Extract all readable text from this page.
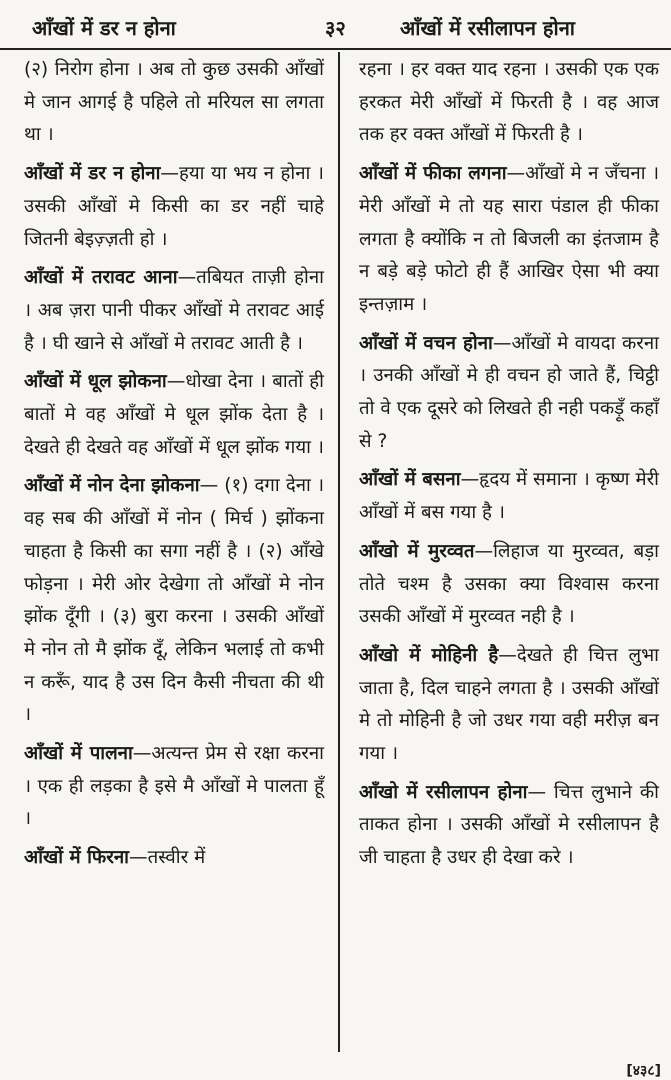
आँखों में डर न होना	३२	आँखों में रसीलापन होना

(२) निरोग होना । अब तो कुछ उसकी आँखों मे जान आगई है पहिले तो मरियल सा लगता था ।

आँखों में डर न होना—हया या भय न होना । उसकी आँखों मे किसी का डर नहीं चाहे जितनी बेइज़्ज़ती हो ।

आँखों में तरावट आना—तबियत ताज़ी होना । अब ज़रा पानी पीकर आँखों मे तरावट आई है । घी खाने से आँखों मे तरावट आती है ।

आँखों में धूल झोकना—धोखा देना । बातों ही बातों मे वह आँखों मे धूल झोंक देता है । देखते ही देखते वह आँखों में धूल झोंक गया ।

आँखों में नोन देना झोकना— (१) दगा देना । वह सब की आँखों में नोन ( मिर्च ) झोंकना चाहता है किसी का सगा नहीं है । (२) आँखे फोड़ना । मेरी ओर देखेगा तो आँखों मे नोन झोंक दूँगी । (३) बुरा करना । उसकी आँखों मे नोन तो मै झोंक दूँ, लेकिन भलाई तो कभी न करूँ, याद है उस दिन कैसी नीचता की थी ।

आँखों में पालना—अत्यन्त प्रेम से रक्षा करना । एक ही लड़का है इसे मै आँखों मे पालता हूँ ।

आँखों में फिरना—तस्वीर में

रहना । हर वक्त याद रहना । उसकी एक एक हरकत मेरी आँखों में फिरती है । वह आज तक हर वक्त आँखों में फिरती है ।

आँखों में फीका लगना—आँखों मे न जँचना । मेरी आँखों मे तो यह सारा पंडाल ही फीका लगता है क्योंकि न तो बिजली का इंतजाम है न बड़े बड़े फोटो ही हैं आखिर ऐसा भी क्या इन्तज़ाम ।

आँखों में वचन होना—आँखों मे वायदा करना । उनकी आँखों मे ही वचन हो जाते हैं, चिट्ठी तो वे एक दूसरे को लिखते ही नही पकड़ूँ कहाँ से ?

आँखों में बसना—हृदय में समाना । कृष्ण मेरी आँखों में बस गया है ।

आँखो में मुरव्वत—लिहाज या मुरव्वत, बड़ा तोते चश्म है उसका क्या विश्वास करना उसकी आँखों में मुरव्वत नही है ।

आँखो में मोहिनी है—देखते ही चित्त लुभा जाता है, दिल चाहने लगता है । उसकी आँखों मे तो मोहिनी है जो उधर गया वही मरीज़ बन गया ।

आँखो में रसीलापन होना— चित्त लुभाने की ताकत होना । उसकी आँखों मे रसीलापन है जी चाहता है उधर ही देखा करे ।

[४३८]
